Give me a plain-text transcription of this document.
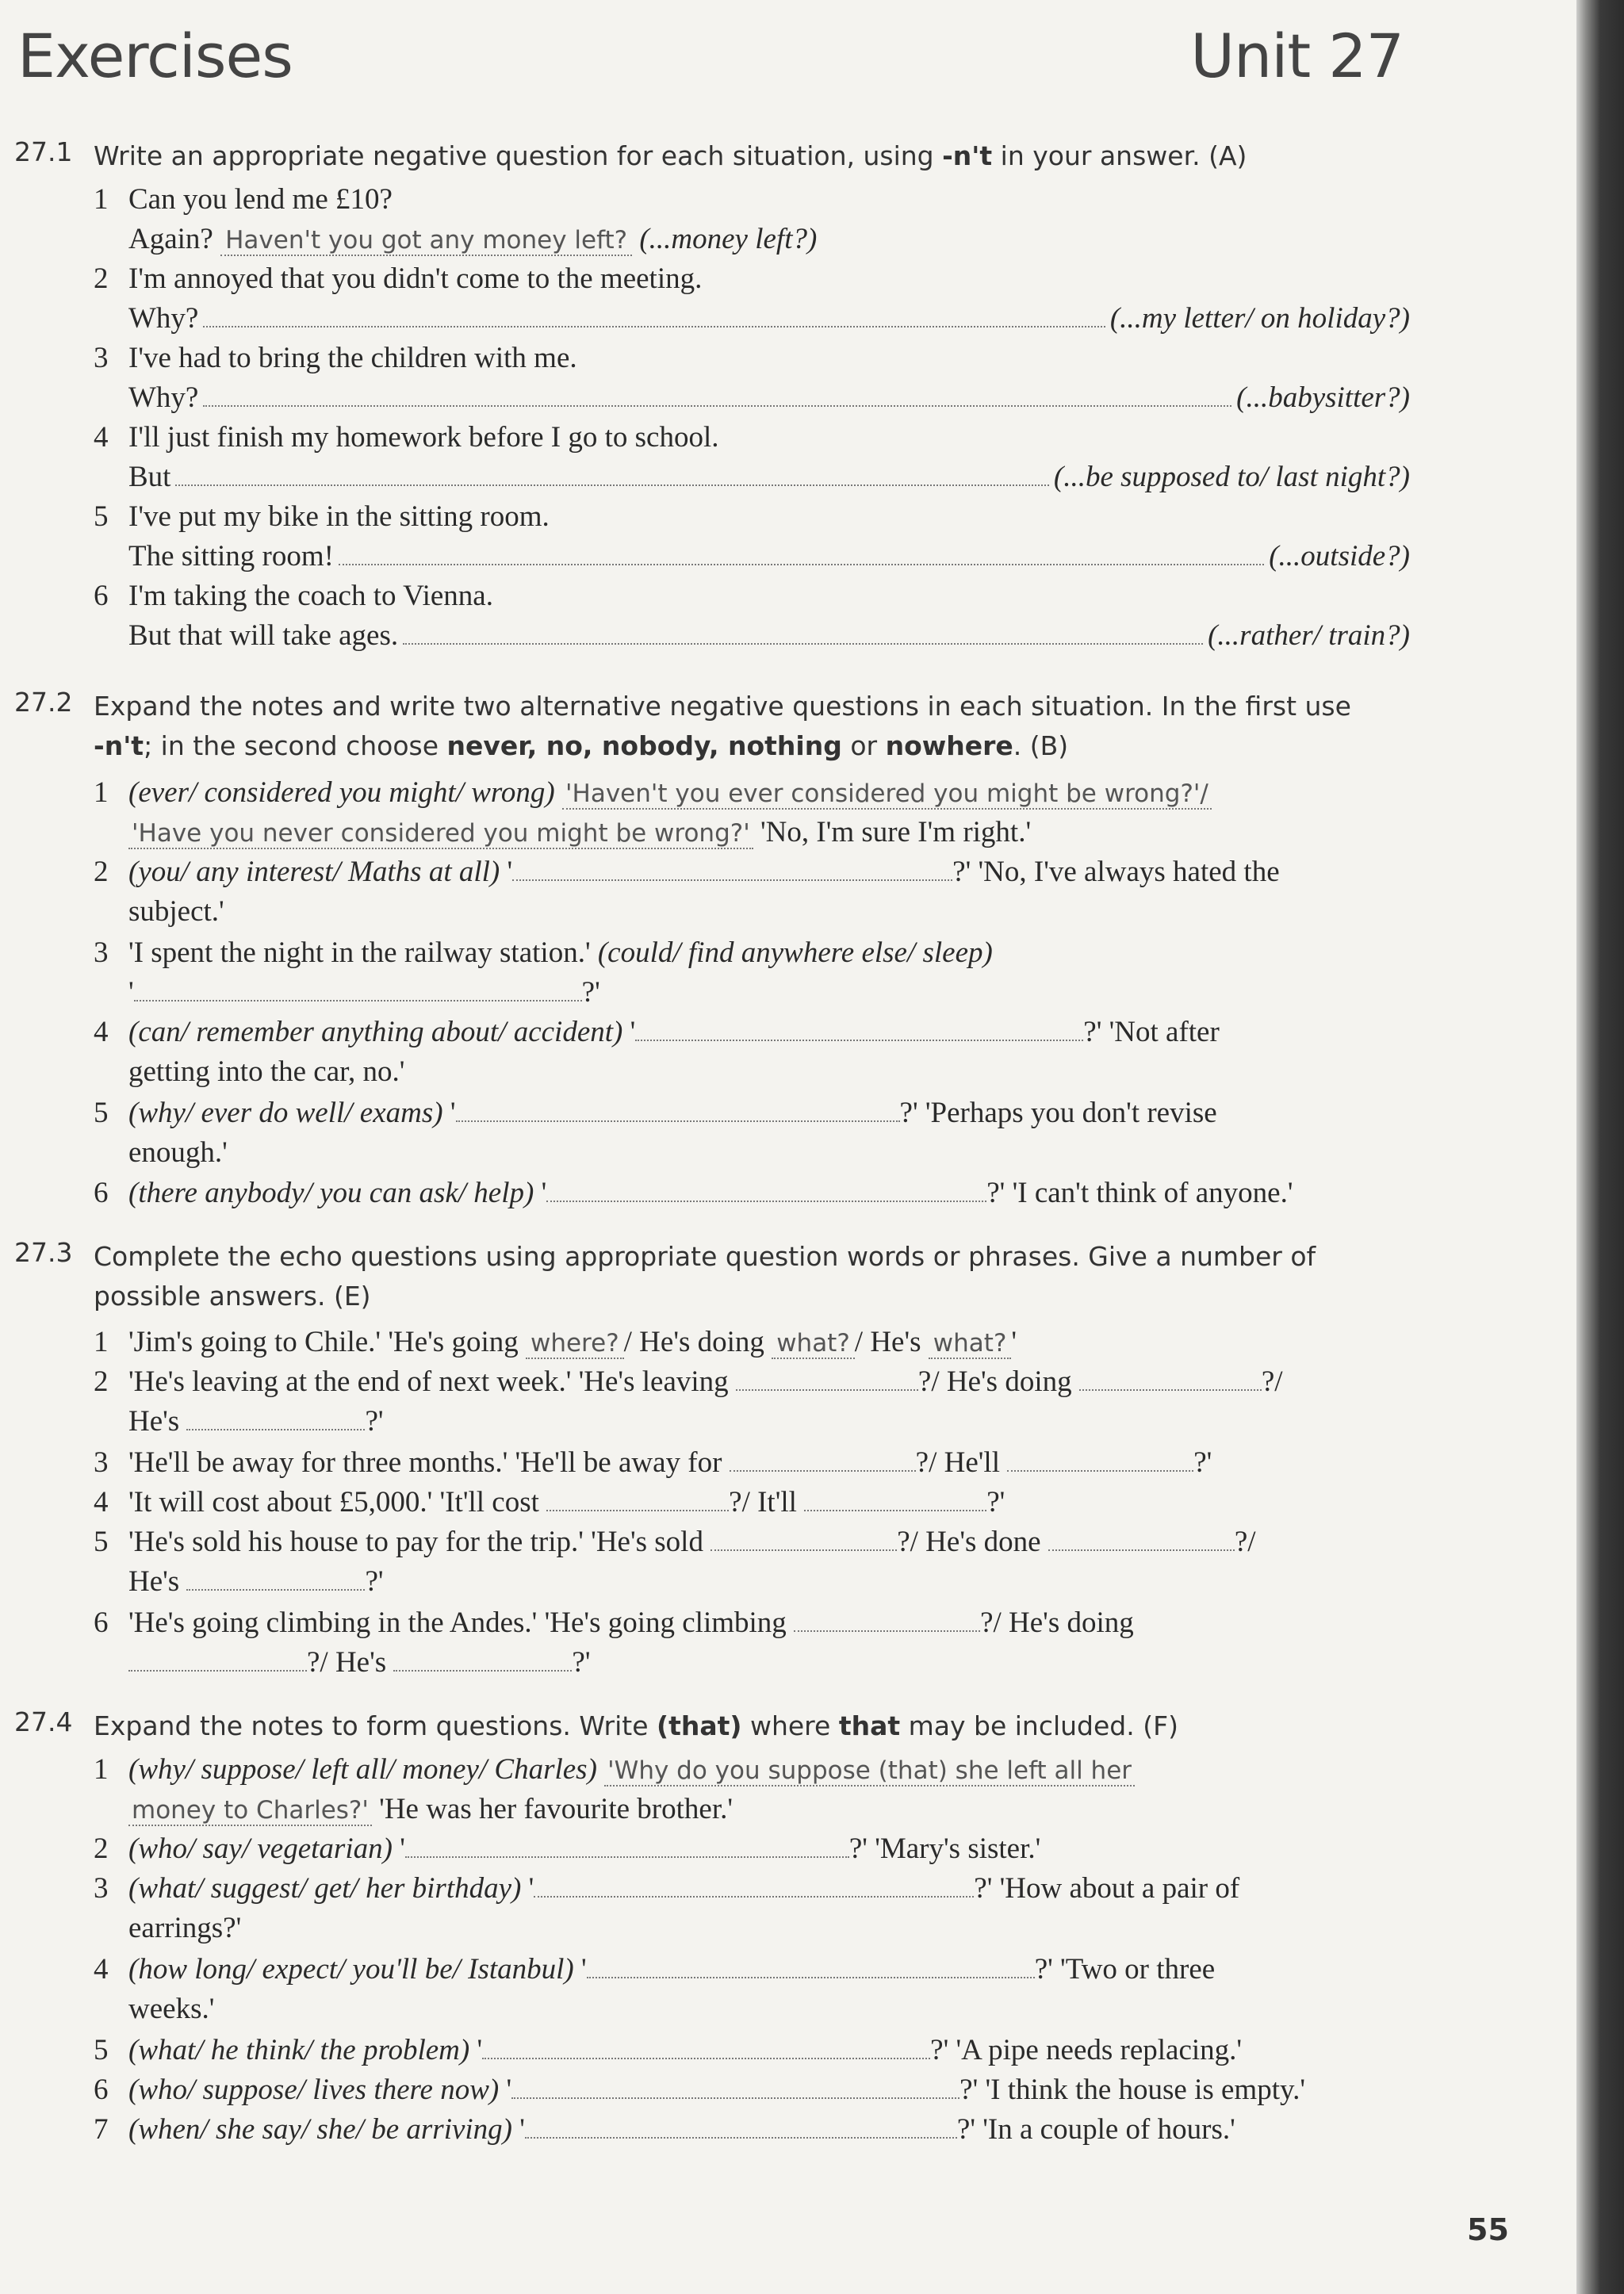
Exercises	Unit 27
27.1 Write an appropriate negative question for each situation, using -n't in your answer. (A)
1 Can you lend me £10?
Again? Haven't you got any money left? (...money left?)
2 I'm annoyed that you didn't come to the meeting.
Why?	(...my letter/ on holiday?)
3 I've had to bring the children with me.
Why?	(...babysitter?)
4 I'll just finish my homework before I go to school.
But	(...be supposed to/ last night?)
5 I've put my bike in the sitting room.
The sitting room!	(...outside?)
6 I'm taking the coach to Vienna.
But that will take ages.	(...rather/ train?)
27.2 Expand the notes and write two alternative negative questions in each situation. In the first use
-n't; in the second choose never, no, nobody, nothing or nowhere. (B)
1 (ever/ considered you might/ wrong) 'Haven't you ever considered you might be wrong?'/
'Have you never considered you might be wrong?' 'No, I'm sure I'm right.'
2 (you/ any interest/ Maths at all) '	?' 'No, I've always hated the
subject.'
3 'I spent the night in the railway station.' (could/ find anywhere else/ sleep)
'	?'
4 (can/ remember anything about/ accident) '	?' 'Not after
getting into the car, no.'
5 (why/ ever do well/ exams) '	?' 'Perhaps you don't revise
enough.'
6 (there anybody/ you can ask/ help) '	?' 'I can't think of anyone.'
27.3 Complete the echo questions using appropriate question words or phrases. Give a number of
possible answers. (E)
1 'Jim's going to Chile.' 'He's going where? / He's doing what? / He's what? '
2 'He's leaving at the end of next week.' 'He's leaving	?/ He's doing	?/
He's	?'
3 'He'll be away for three months.' 'He'll be away for	?/ He'll	?'
4 'It will cost about £5,000.' 'It'll cost	?/ It'll	?'
5 'He's sold his house to pay for the trip.' 'He's sold	?/ He's done	?/
He's	?'
6 'He's going climbing in the Andes.' 'He's going climbing	?/ He's doing
?/ He's	?'
27.4 Expand the notes to form questions. Write (that) where that may be included. (F)
1 (why/ suppose/ left all/ money/ Charles) 'Why do you suppose (that) she left all her
money to Charles?' 'He was her favourite brother.'
2 (who/ say/ vegetarian) '	?' 'Mary's sister.'
3 (what/ suggest/ get/ her birthday) '	?' 'How about a pair of
earrings?'
4 (how long/ expect/ you'll be/ Istanbul) '	?' 'Two or three
weeks.'
5 (what/ he think/ the problem) '	?' 'A pipe needs replacing.'
6 (who/ suppose/ lives there now) '	?' 'I think the house is empty.'
7 (when/ she say/ she/ be arriving) '	?' 'In a couple of hours.'
55
